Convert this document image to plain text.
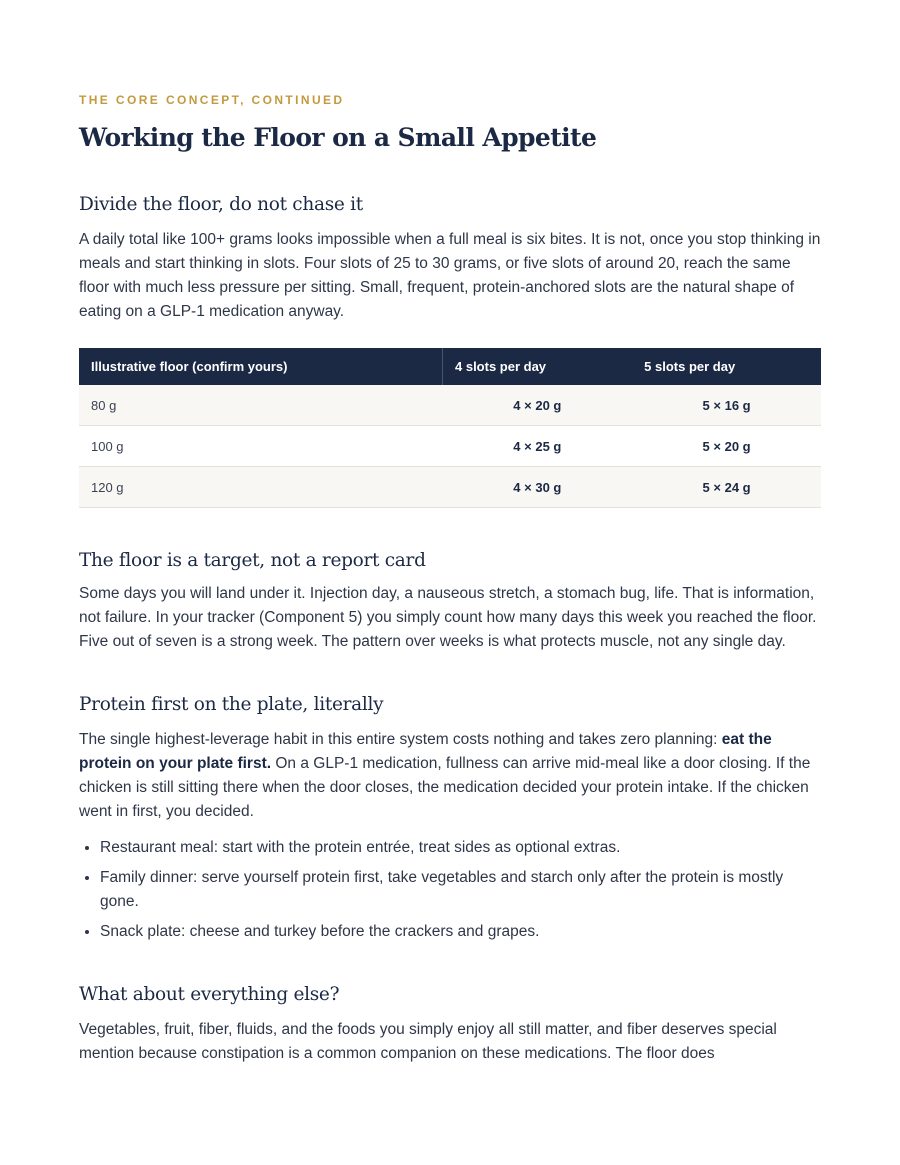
THE CORE CONCEPT, CONTINUED

Working the Floor on a Small Appetite
Divide the floor, do not chase it

A daily total like 100+ grams looks impossible when a full meal is six bites. It is not, once you stop thinking in meals and start thinking in slots. Four slots of 25 to 30 grams, or five slots of around 20, reach the same floor with much less pressure per sitting. Small, frequent, protein-anchored slots are the natural shape of eating on a GLP-1 medication anyway.

Illustrative floor (confirm yours)	4 slots per day	5 slots per day
80 g	4 × 20 g	5 × 16 g
100 g	4 × 25 g	5 × 20 g
120 g	4 × 30 g	5 × 24 g
The floor is a target, not a report card

Some days you will land under it. Injection day, a nauseous stretch, a stomach bug, life. That is information, not failure. In your tracker (Component 5) you simply count how many days this week you reached the floor. Five out of seven is a strong week. The pattern over weeks is what protects muscle, not any single day.

Protein first on the plate, literally

The single highest-leverage habit in this entire system costs nothing and takes zero planning: eat the protein on your plate first. On a GLP-1 medication, fullness can arrive mid-meal like a door closing. If the chicken is still sitting there when the door closes, the medication decided your protein intake. If the chicken went in first, you decided.

• Restaurant meal: start with the protein entrée, treat sides as optional extras.
• Family dinner: serve yourself protein first, take vegetables and starch only after the protein is mostly gone.
• Snack plate: cheese and turkey before the crackers and grapes.
What about everything else?

Vegetables, fruit, fiber, fluids, and the foods you simply enjoy all still matter, and fiber deserves special mention because constipation is a common companion on these medications. The floor does
